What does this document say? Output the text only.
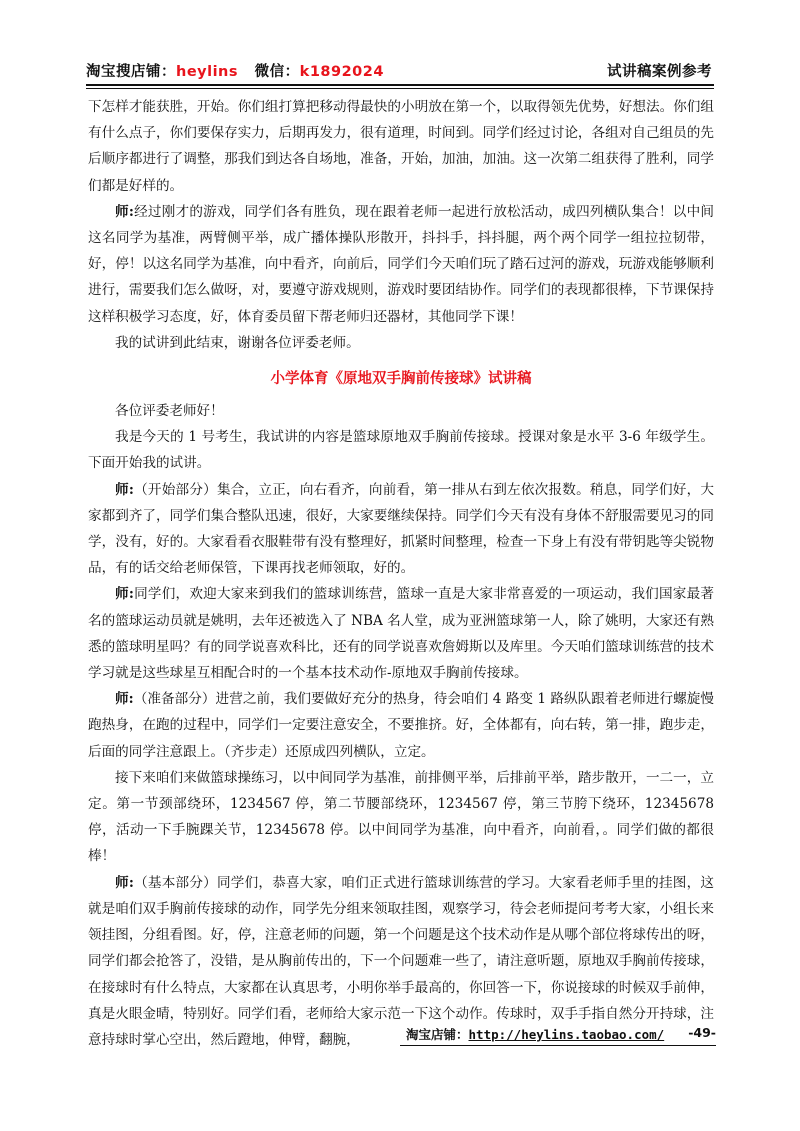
淘宝搜店铺：heylins 微信：k1892024	试讲稿案例参考

下怎样才能获胜，开始。你们组打算把移动得最快的小明放在第一个，以取得领先优势，好想法。你们组有什么点子，你们要保存实力，后期再发力，很有道理，时间到。同学们经过讨论，各组对自己组员的先后顺序都进行了调整，那我们到达各自场地，准备，开始，加油，加油。这一次第二组获得了胜利，同学们都是好样的。

师:经过刚才的游戏，同学们各有胜负，现在跟着老师一起进行放松活动，成四列横队集合！以中间这名同学为基准，两臂侧平举，成广播体操队形散开，抖抖手，抖抖腿，两个两个同学一组拉拉韧带，好，停！以这名同学为基准，向中看齐，向前后，同学们今天咱们玩了踏石过河的游戏，玩游戏能够顺利进行，需要我们怎么做呀，对，要遵守游戏规则，游戏时要团结协作。同学们的表现都很棒，下节课保持这样积极学习态度，好，体育委员留下帮老师归还器材，其他同学下课！

我的试讲到此结束，谢谢各位评委老师。

小学体育《原地双手胸前传接球》试讲稿

各位评委老师好！

我是今天的 1 号考生，我试讲的内容是篮球原地双手胸前传接球。授课对象是水平 3-6 年级学生。下面开始我的试讲。

师:（开始部分）集合，立正，向右看齐，向前看，第一排从右到左依次报数。稍息，同学们好，大家都到齐了，同学们集合整队迅速，很好，大家要继续保持。同学们今天有没有身体不舒服需要见习的同学，没有，好的。大家看看衣服鞋带有没有整理好，抓紧时间整理，检查一下身上有没有带钥匙等尖锐物品，有的话交给老师保管，下课再找老师领取，好的。

师:同学们，欢迎大家来到我们的篮球训练营，篮球一直是大家非常喜爱的一项运动，我们国家最著名的篮球运动员就是姚明，去年还被选入了 NBA 名人堂，成为亚洲篮球第一人，除了姚明，大家还有熟悉的篮球明星吗？有的同学说喜欢科比，还有的同学说喜欢詹姆斯以及库里。今天咱们篮球训练营的技术学习就是这些球星互相配合时的一个基本技术动作-原地双手胸前传接球。

师:（准备部分）进营之前，我们要做好充分的热身，待会咱们 4 路变 1 路纵队跟着老师进行螺旋慢跑热身，在跑的过程中，同学们一定要注意安全，不要推挤。好，全体都有，向右转，第一排，跑步走，后面的同学注意跟上。（齐步走）还原成四列横队，立定。

接下来咱们来做篮球操练习，以中间同学为基准，前排侧平举，后排前平举，踏步散开，一二一，立定。第一节颈部绕环，1234567 停，第二节腰部绕环，1234567 停，第三节胯下绕环，12345678 停，活动一下手腕踝关节，12345678 停。以中间同学为基准，向中看齐，向前看，。同学们做的都很棒！

师:（基本部分）同学们，恭喜大家，咱们正式进行篮球训练营的学习。大家看老师手里的挂图，这就是咱们双手胸前传接球的动作，同学先分组来领取挂图，观察学习，待会老师提问考考大家，小组长来领挂图，分组看图。好，停，注意老师的问题，第一个问题是这个技术动作是从哪个部位将球传出的呀，同学们都会抢答了，没错，是从胸前传出的，下一个问题难一些了，请注意听题，原地双手胸前传接球，在接球时有什么特点，大家都在认真思考，小明你举手最高的，你回答一下，你说接球的时候双手前伸，真是火眼金晴，特别好。同学们看，老师给大家示范一下这个动作。传球时，双手手指自然分开持球，注意持球时掌心空出，然后蹬地，伸臂，翻腕，	淘宝店铺：http://heylins.taobao.com/ -49-
